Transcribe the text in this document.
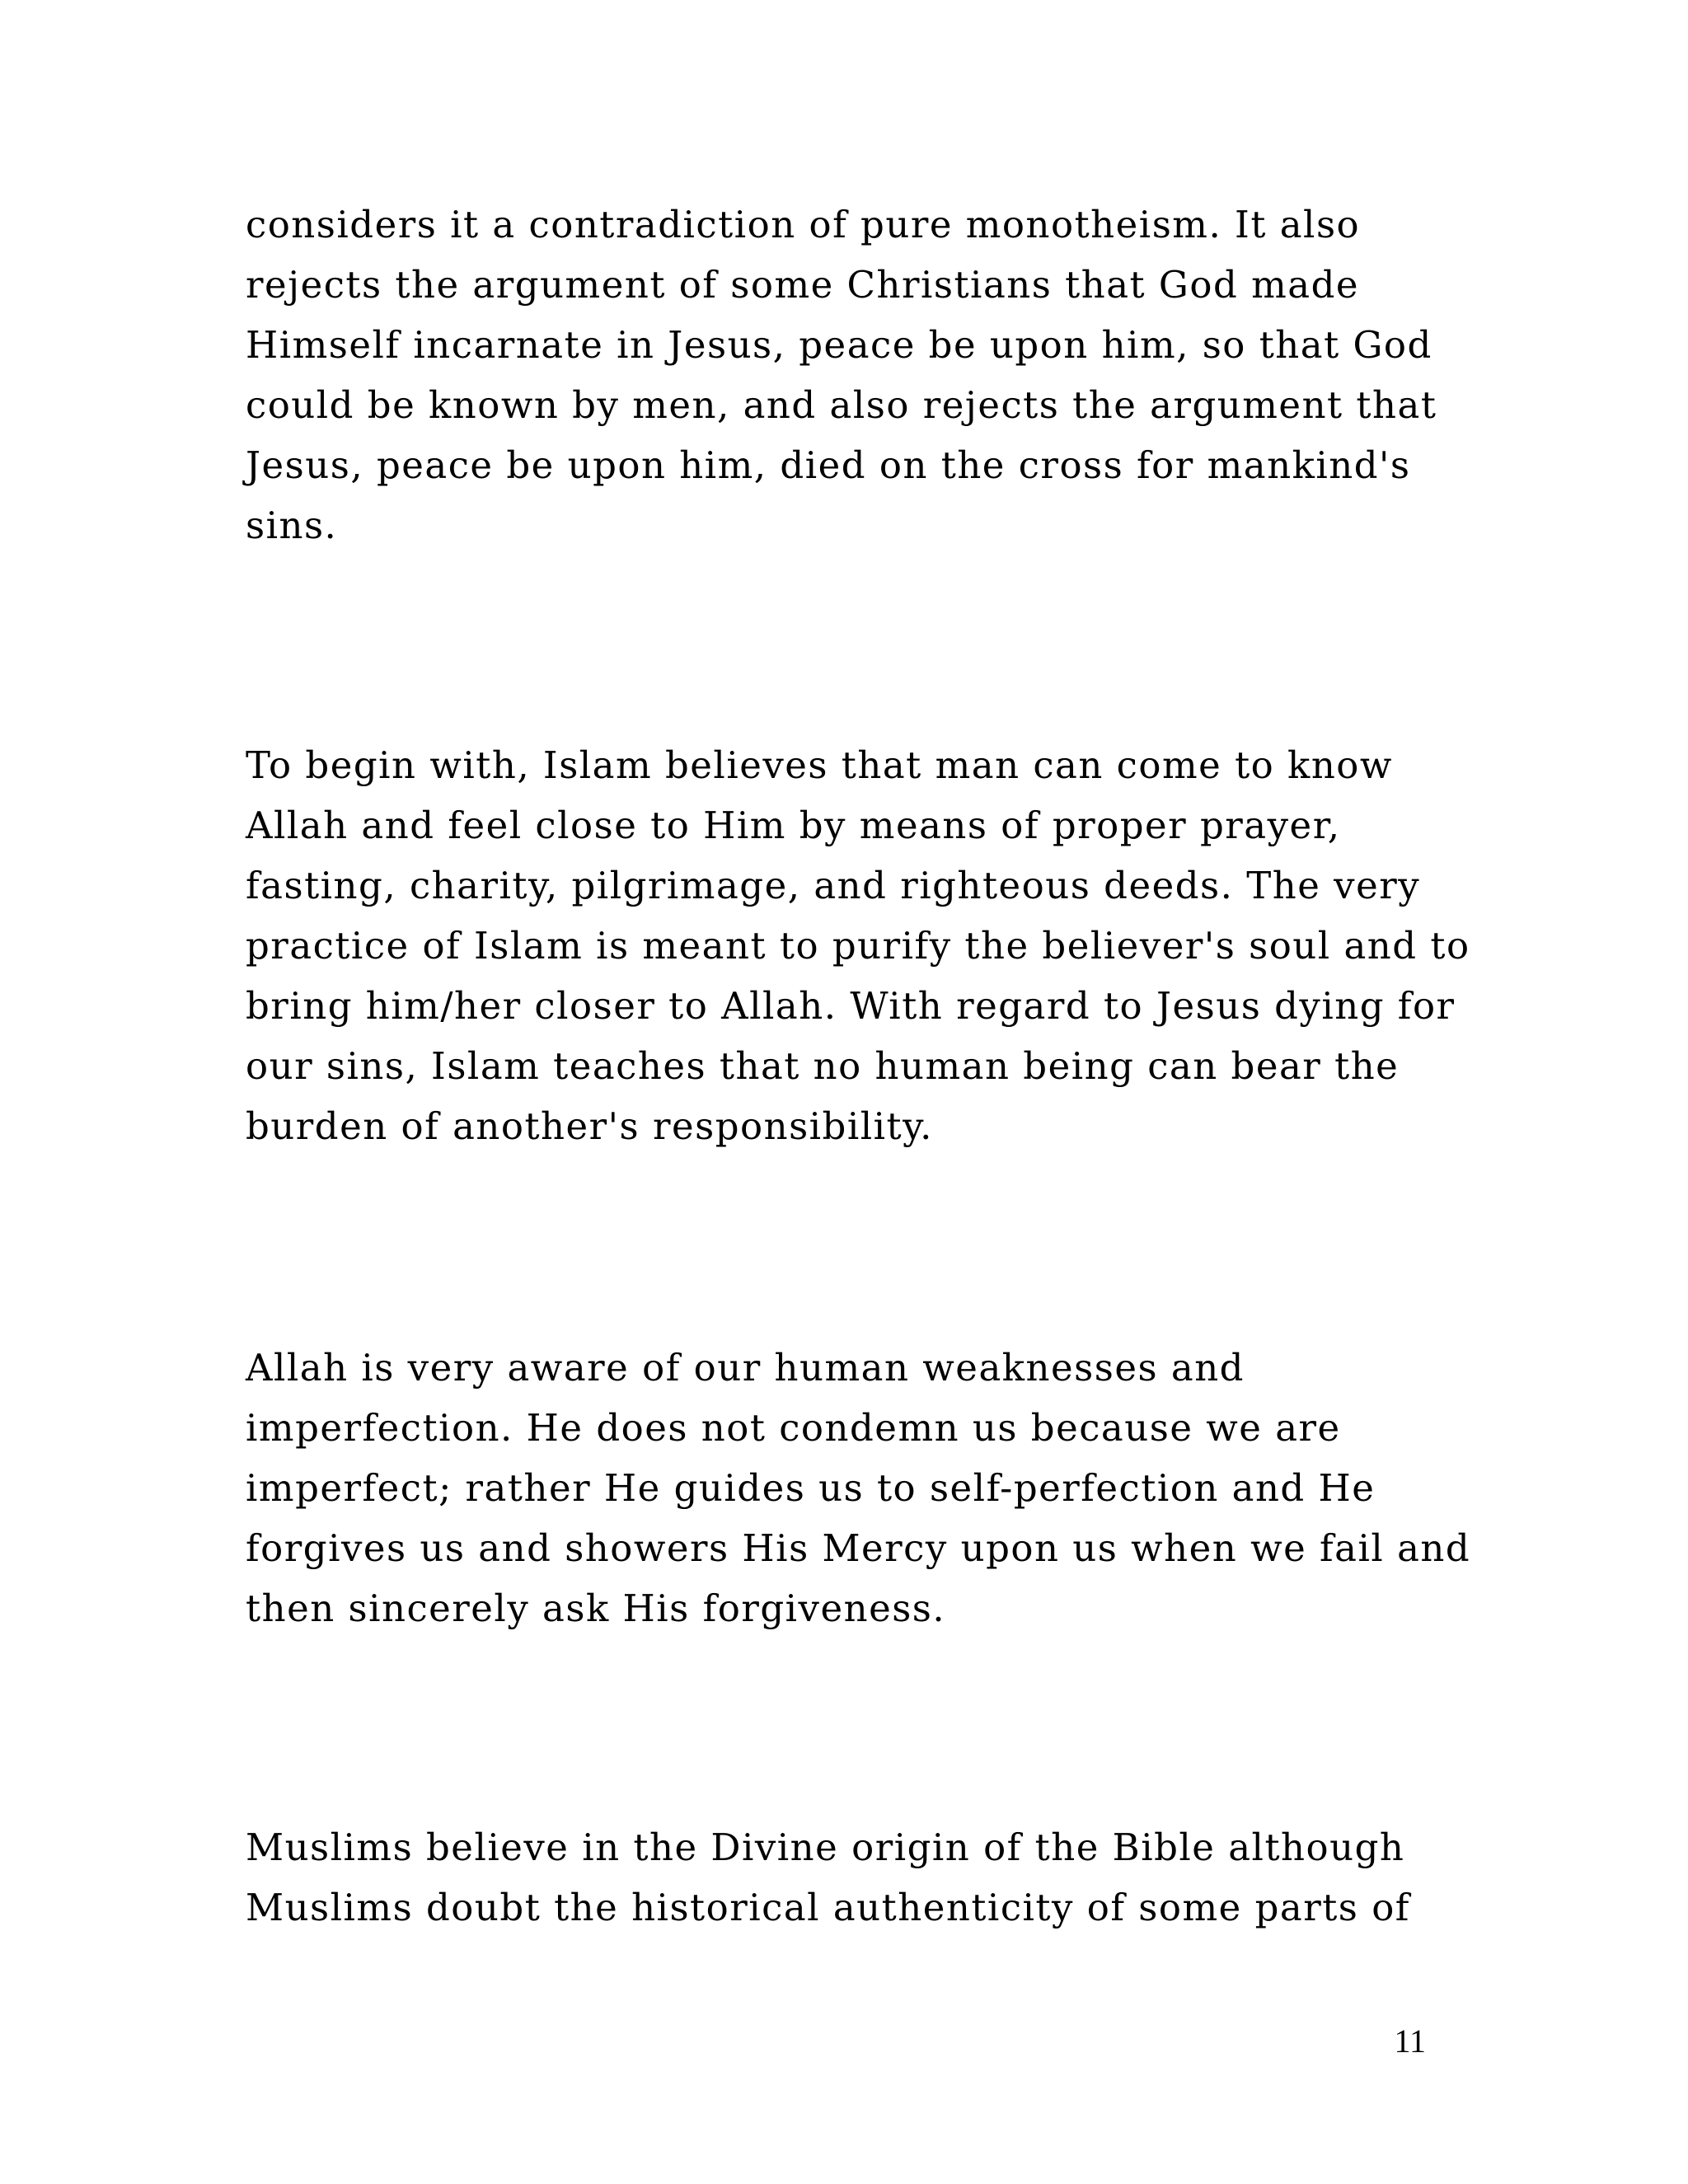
considers it a contradiction of pure monotheism. It also
rejects the argument of some Christians that God made
Himself incarnate in Jesus, peace be upon him, so that God
could be known by men, and also rejects the argument that
Jesus, peace be upon him, died on the cross for mankind's
sins.
To begin with, Islam believes that man can come to know
Allah and feel close to Him by means of proper prayer,
fasting, charity, pilgrimage, and righteous deeds. The very
practice of Islam is meant to purify the believer's soul and to
bring him/her closer to Allah. With regard to Jesus dying for
our sins, Islam teaches that no human being can bear the
burden of another's responsibility.
Allah is very aware of our human weaknesses and
imperfection. He does not condemn us because we are
imperfect; rather He guides us to self-perfection and He
forgives us and showers His Mercy upon us when we fail and
then sincerely ask His forgiveness.
Muslims believe in the Divine origin of the Bible although
Muslims doubt the historical authenticity of some parts of
11
